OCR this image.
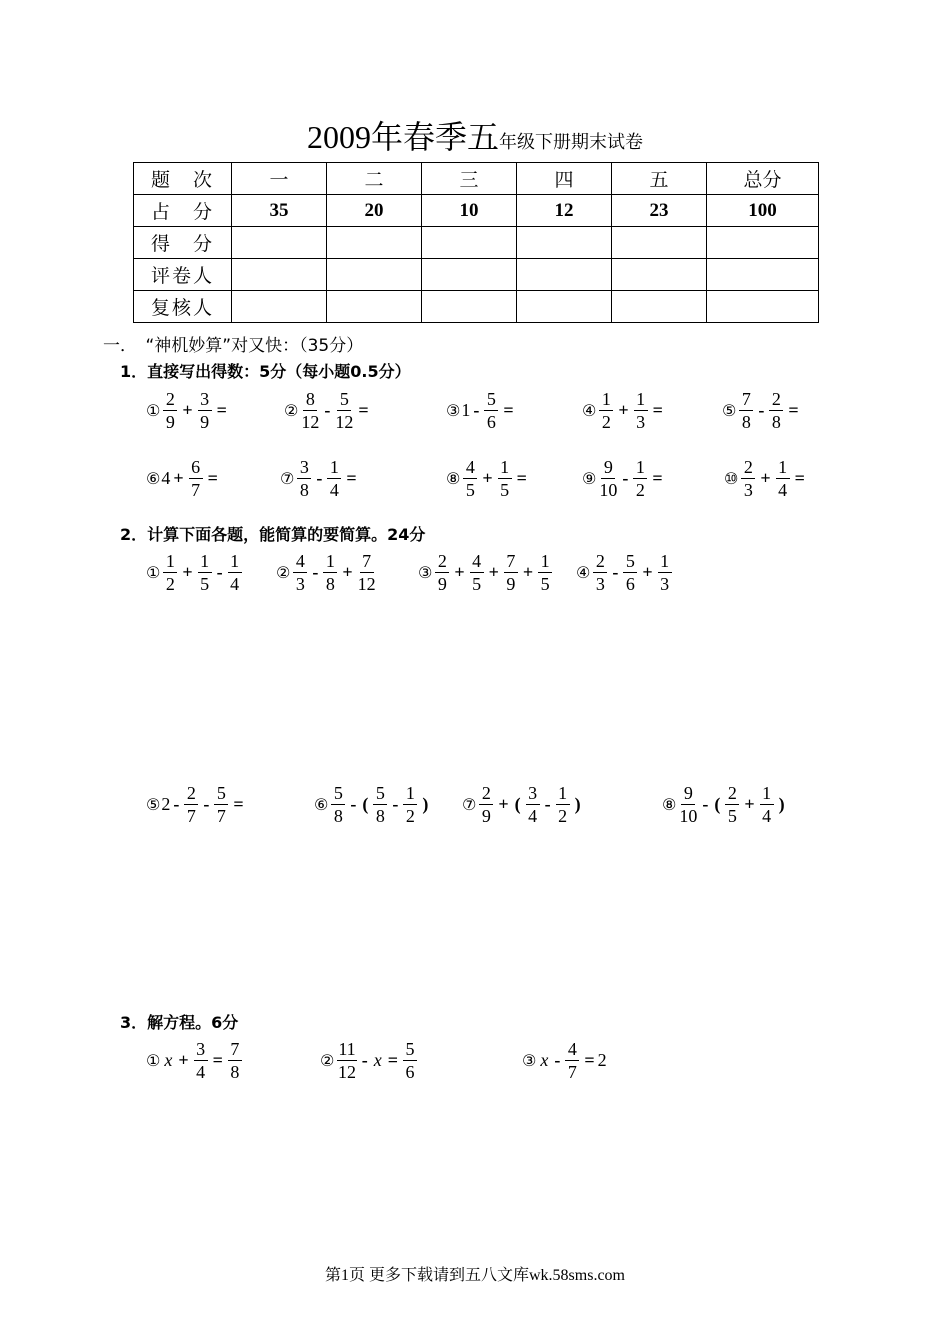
2009年春季五年级下册期末试卷
题　次	一	二	三	四	五	总分
占　分	35	20	10	12	23	100
得　分						
评卷人						
复核人						
一．　“神机妙算”对又快：（35分）
1．直接写出得数：5分（每小题0.5分）
① $\frac{2}{9} + \frac{3}{9}$ =	② $\frac{8}{12} - \frac{5}{12}$ =	③ $1 - \frac{5}{6}$ =	④ $\frac{1}{2} + \frac{1}{3}$ =	⑤ $\frac{7}{8} - \frac{2}{8}$ =
⑥ $4 + \frac{6}{7}$ =	⑦ $\frac{3}{8} - \frac{1}{4}$ =	⑧ $\frac{4}{5} + \frac{1}{5}$ =	⑨ $\frac{9}{10} - \frac{1}{2}$ =	⑩ $\frac{2}{3} + \frac{1}{4}$ =
2．计算下面各题，能简算的要简算。24分
① $\frac{1}{2} + \frac{1}{5} - \frac{1}{4}$ ② $\frac{4}{3} - \frac{1}{8} + \frac{7}{12}$	③ $\frac{2}{9} + \frac{4}{5} + \frac{7}{9} + \frac{1}{5}$ ④ $\frac{2}{3} - \frac{5}{6} + \frac{1}{3}$
⑤ $2 - \frac{2}{7} - \frac{5}{7}$ =	⑥ $\frac{5}{8}$ - ( $\frac{5}{8} - \frac{1}{2}$ ) ⑦ $\frac{2}{9}$ + ( $\frac{3}{4} - \frac{1}{2}$ )	⑧ $\frac{9}{10}$ - ( $\frac{2}{5} + \frac{1}{4}$ )
3．解方程。6分
① $x + \frac{3}{4} = \frac{7}{8}$	② $\frac{11}{12} - x = \frac{5}{6}$	③ $x - \frac{4}{7} = 2$
第1页 更多下载请到五八文库wk.58sms.com
